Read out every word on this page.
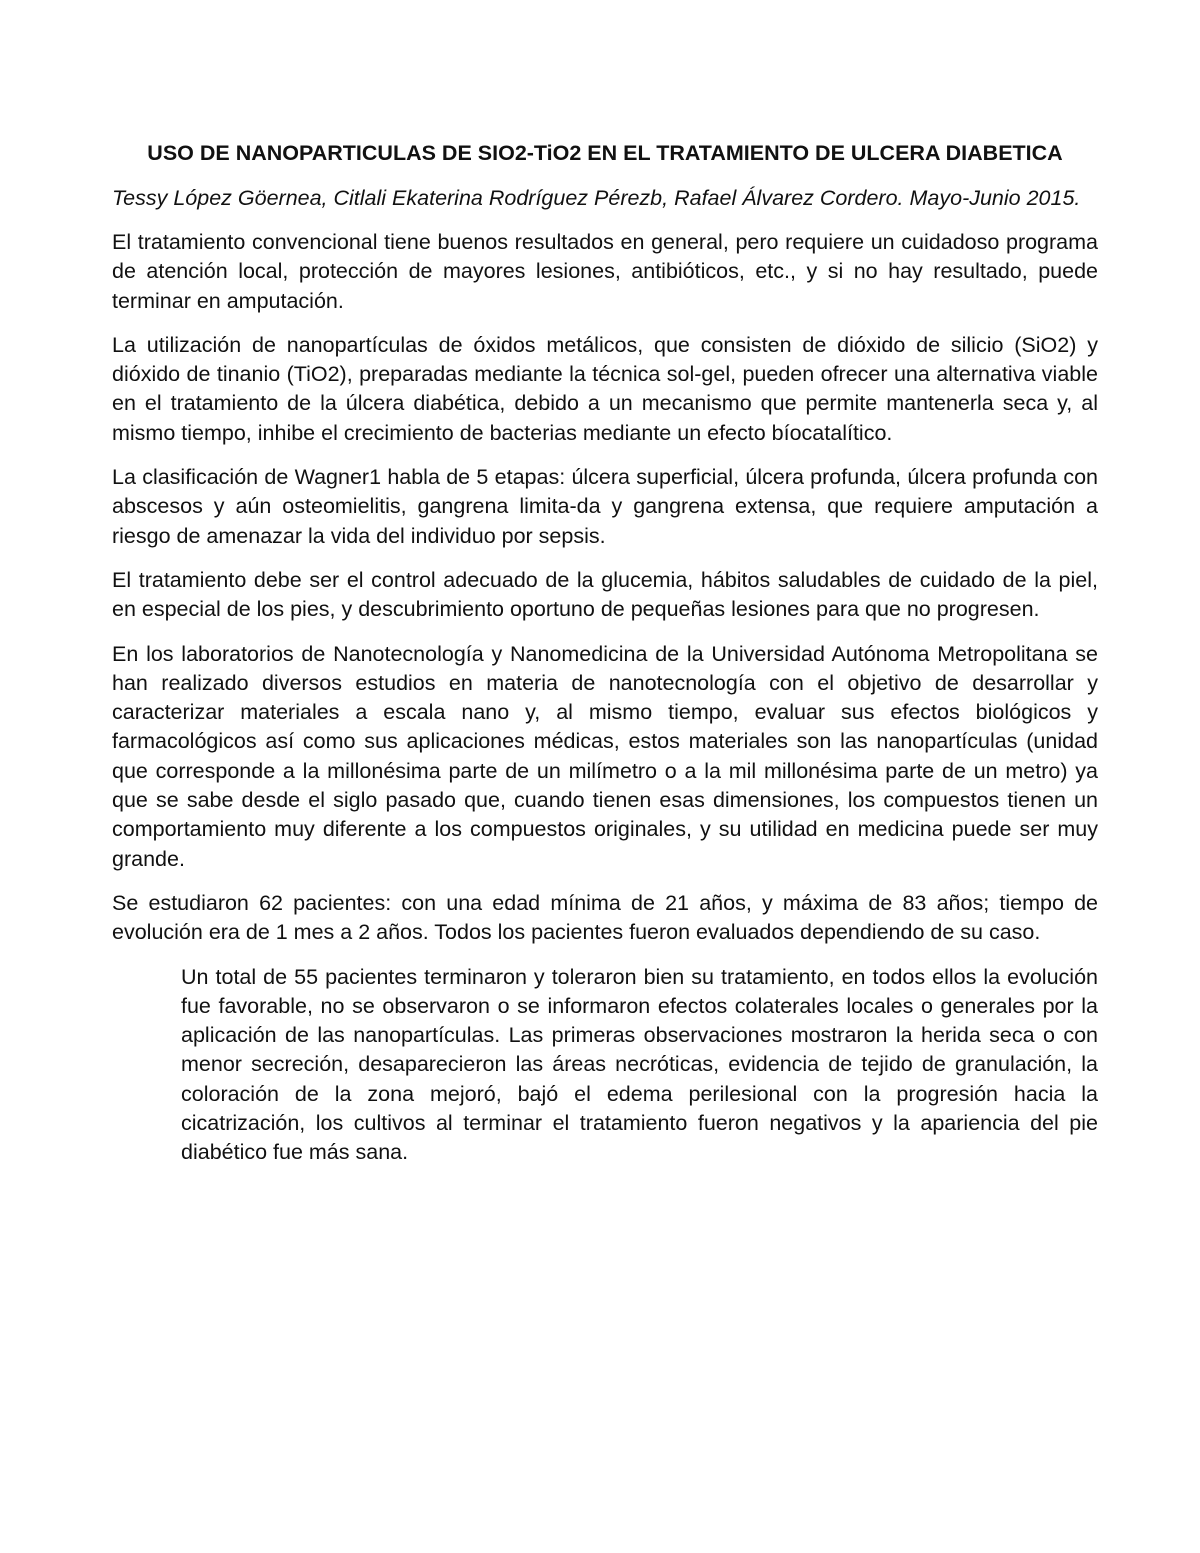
USO DE NANOPARTICULAS DE SIO2-TiO2 EN EL TRATAMIENTO DE ULCERA DIABETICA

Tessy López Göernea, Citlali Ekaterina Rodríguez Pérezb, Rafael Álvarez Cordero. Mayo-Junio 2015.

El tratamiento convencional tiene buenos resultados en general, pero requiere un cuidadoso programa de atención local, protección de mayores lesiones, antibióticos, etc., y si no hay resultado, puede terminar en amputación.

La utilización de nanopartículas de óxidos metálicos, que consisten de dióxido de silicio (SiO2) y dióxido de tinanio (TiO2), preparadas mediante la técnica sol-gel, pueden ofrecer una alternativa viable en el tratamiento de la úlcera diabética, debido a un mecanismo que permite mantenerla seca y, al mismo tiempo, inhibe el crecimiento de bacterias mediante un efecto bíocatalítico.

La clasificación de Wagner1 habla de 5 etapas: úlcera superficial, úlcera profunda, úlcera profunda con abscesos y aún osteomielitis, gangrena limita-da y gangrena extensa, que requiere amputación a riesgo de amenazar la vida del individuo por sepsis.

El tratamiento debe ser el control adecuado de la glucemia, hábitos saludables de cuidado de la piel, en especial de los pies, y descubrimiento oportuno de pequeñas lesiones para que no progresen.

En los laboratorios de Nanotecnología y Nanomedicina de la Universidad Autónoma Metropolitana se han realizado diversos estudios en materia de nanotecnología con el objetivo de desarrollar y caracterizar materiales a escala nano y, al mismo tiempo, evaluar sus efectos biológicos y farmacológicos así como sus aplicaciones médicas, estos materiales son las nanopartículas (unidad que corresponde a la millonésima parte de un milímetro o a la mil millonésima parte de un metro) ya que se sabe desde el siglo pasado que, cuando tienen esas dimensiones, los compuestos tienen un comportamiento muy diferente a los compuestos originales, y su utilidad en medicina puede ser muy grande.

Se estudiaron 62 pacientes: con una edad mínima de 21 años, y máxima de 83 años; tiempo de evolución era de 1 mes a 2 años. Todos los pacientes fueron evaluados dependiendo de su caso.

Un total de 55 pacientes terminaron y toleraron bien su tratamiento, en todos ellos la evolución fue favorable, no se observaron o se informaron efectos colaterales locales o generales por la aplicación de las nanopartículas. Las primeras observaciones mostraron la herida seca o con menor secreción, desaparecieron las áreas necróticas, evidencia de tejido de granulación, la coloración de la zona mejoró, bajó el edema perilesional con la progresión hacia la cicatrización, los cultivos al terminar el tratamiento fueron negativos y la apariencia del pie diabético fue más sana.
